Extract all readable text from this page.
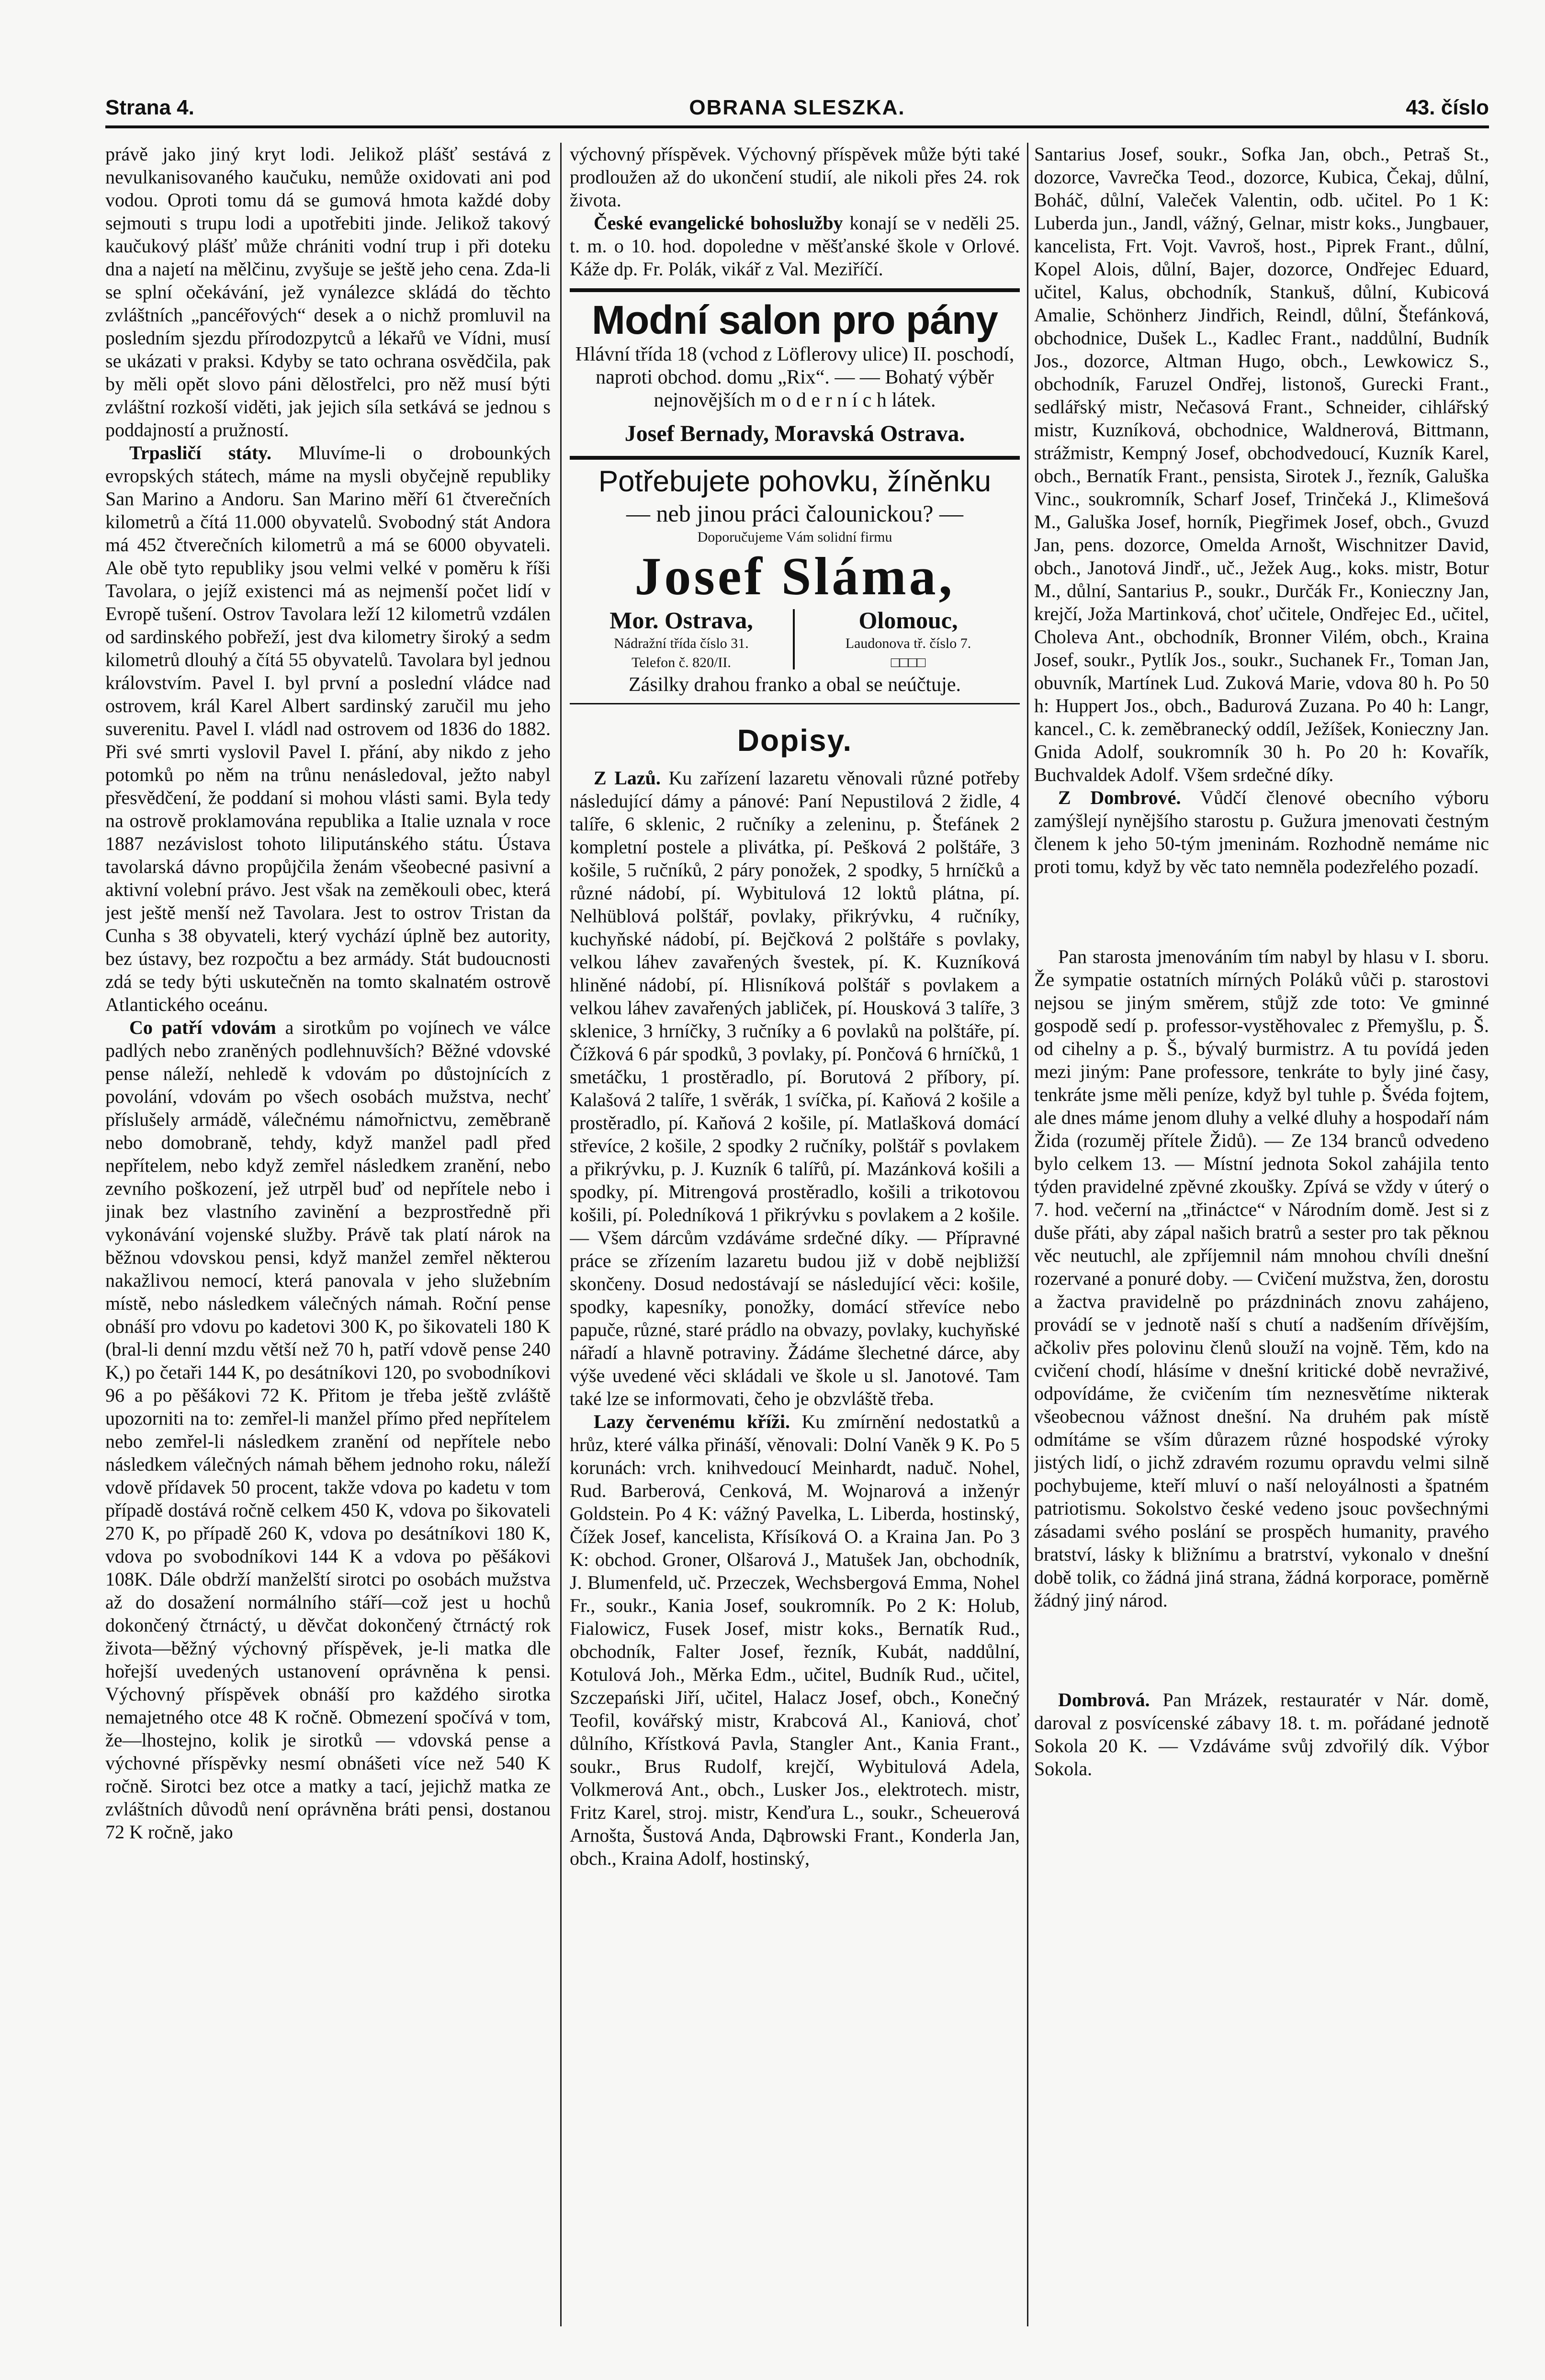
Strana 4.	OBRANA SLESZKA.	43. číslo

právě jako jiný kryt lodi. Jelikož plášť sestává z nevulkanisovaného kaučuku, nemůže oxidovati ani pod vodou. Oproti tomu dá se gumová hmota každé doby sejmouti s trupu lodi a upotřebiti jinde. Jelikož takový kaučukový plášť může chrániti vodní trup i při doteku dna a najetí na mělčinu, zvyšuje se ještě jeho cena. Zda-li se splní očekávání, jež vynálezce skládá do těchto zvláštních „pancéřových“ desek a o nichž promluvil na posledním sjezdu přírodozpytců a lékařů ve Vídni, musí se ukázati v praksi. Kdyby se tato ochrana osvědčila, pak by měli opět slovo páni dělostřelci, pro něž musí býti zvláštní rozkoší viděti, jak jejich síla setkává se jednou s poddajností a pružností.

Trpasličí státy. Mluvíme-li o drobounkých evropských státech, máme na mysli obyčejně republiky San Marino a Andoru. San Marino měří 61 čtverečních kilometrů a čítá 11.000 obyvatelů. Svobodný stát Andora má 452 čtverečních kilometrů a má se 6000 obyvateli. Ale obě tyto republiky jsou velmi velké v poměru k říši Tavolara, o jejíž existenci má as nejmenší počet lidí v Evropě tušení. Ostrov Tavolara leží 12 kilometrů vzdálen od sardinského pobřeží, jest dva kilometry široký a sedm kilometrů dlouhý a čítá 55 obyvatelů. Tavolara byl jednou královstvím. Pavel I. byl první a poslední vládce nad ostrovem, král Karel Albert sardinský zaručil mu jeho suverenitu. Pavel I. vládl nad ostrovem od 1836 do 1882. Při své smrti vyslovil Pavel I. přání, aby nikdo z jeho potomků po něm na trůnu nenásledoval, ježto nabyl přesvědčení, že poddaní si mohou vlásti sami. Byla tedy na ostrově proklamována republika a Italie uznala v roce 1887 nezávislost tohoto liliputánského státu. Ústava tavolarská dávno propůjčila ženám všeobecné pasivní a aktivní volební právo. Jest však na zeměkouli obec, která jest ještě menší než Tavolara. Jest to ostrov Tristan da Cunha s 38 obyvateli, který vychází úplně bez autority, bez ústavy, bez rozpočtu a bez armády. Stát budoucnosti zdá se tedy býti uskutečněn na tomto skalnatém ostrově Atlantického oceánu.

Co patří vdovám a sirotkům po vojínech ve válce padlých nebo zraněných podlehnuvších? Běžné vdovské pense náleží, nehledě k vdovám po důstojnících z povolání, vdovám po všech osobách mužstva, nechť příslušely armádě, válečnému námořnictvu, zeměbraně nebo domobraně, tehdy, když manžel padl před nepřítelem, nebo když zemřel následkem zranění, nebo zevního poškození, jež utrpěl buď od nepřítele nebo i jinak bez vlastního zavinění a bezprostředně při vykonávání vojenské služby. Právě tak platí nárok na běžnou vdovskou pensi, když manžel zemřel některou nakažlivou nemocí, která panovala v jeho služebním místě, nebo následkem válečných námah. Roční pense obnáší pro vdovu po kadetovi 300 K, po šikovateli 180 K (bral-li denní mzdu větší než 70 h, patří vdově pense 240 K,) po četaři 144 K, po desátníkovi 120, po svobodníkovi 96 a po pěšákovi 72 K. Přitom je třeba ještě zvláště upozorniti na to: zemřel-li manžel přímo před nepřítelem nebo zemřel-li následkem zranění od nepřítele nebo následkem válečných námah během jednoho roku, náleží vdově přídavek 50 procent, takže vdova po kadetu v tom případě dostává ročně celkem 450 K, vdova po šikovateli 270 K, po případě 260 K, vdova po desátníkovi 180 K, vdova po svobodníkovi 144 K a vdova po pěšákovi 108K. Dále obdrží manželští sirotci po osobách mužstva až do dosažení normálního stáří—což jest u hochů dokončený čtrnáctý, u děvčat dokončený čtrnáctý rok života—běžný výchovný příspěvek, je-li matka dle hořejší uvedených ustanovení oprávněna k pensi. Výchovný příspěvek obnáší pro každého sirotka nemajetného otce 48 K ročně. Obmezení spočívá v tom, že—lhostejno, kolik je sirotků — vdovská pense a výchovné příspěvky nesmí obnášeti více než 540 K ročně. Sirotci bez otce a matky a tací, jejichž matka ze zvláštních důvodů není oprávněna bráti pensi, dostanou 72 K ročně, jako

výchovný příspěvek. Výchovný příspěvek může býti také prodloužen až do ukončení studií, ale nikoli přes 24. rok života.

České evangelické bohoslužby konají se v neděli 25. t. m. o 10. hod. dopoledne v měšťanské škole v Orlové. Káže dp. Fr. Polák, vikář z Val. Meziříčí.

Modní salon pro pány
Hlávní třída 18 (vchod z Löflerovy ulice) II. poschodí, naproti obchod. domu „Rix“. — — Bohatý výběr nejnovějších m o d e r n í c h látek.
Josef Bernady, Moravská Ostrava.
Potřebujete pohovku, žíněnku
— neb jinou práci čalounickou? —
Doporučujeme Vám solidní firmu
Josef Sláma,
Mor. Ostrava,
Nádražní třída číslo 31.
Telefon č. 820/II.
Olomouc,
Laudonova tř. číslo 7.
□□□□
Zásilky drahou franko a obal se neúčtuje.
Dopisy.

Z Lazů. Ku zařízení lazaretu věnovali různé potřeby následující dámy a pánové: Paní Nepustilová 2 židle, 4 talíře, 6 sklenic, 2 ručníky a zeleninu, p. Štefánek 2 kompletní postele a plivátka, pí. Pešková 2 polštáře, 3 košile, 5 ručníků, 2 páry ponožek, 2 spodky, 5 hrníčků a různé nádobí, pí. Wybitulová 12 loktů plátna, pí. Nelhüblová polštář, povlaky, přikrývku, 4 ručníky, kuchyňské nádobí, pí. Bejčková 2 polštáře s povlaky, velkou láhev zavařených švestek, pí. K. Kuzníková hliněné nádobí, pí. Hlisníková polštář s povlakem a velkou láhev zavařených jabliček, pí. Housková 3 talíře, 3 sklenice, 3 hrníčky, 3 ručníky a 6 povlaků na polštáře, pí. Čížková 6 pár spodků, 3 povlaky, pí. Pončová 6 hrníčků, 1 smetáčku, 1 prostěradlo, pí. Borutová 2 příbory, pí. Kalašová 2 talíře, 1 svěrák, 1 svíčka, pí. Kaňová 2 košile a prostěradlo, pí. Kaňová 2 košile, pí. Matlašková domácí střevíce, 2 košile, 2 spodky 2 ručníky, polštář s povlakem a přikrývku, p. J. Kuzník 6 talířů, pí. Mazánková košili a spodky, pí. Mitrengová prostěradlo, košili a trikotovou košili, pí. Poledníková 1 přikrývku s povlakem a 2 košile. — Všem dárcům vzdáváme srdečné díky. — Přípravné práce se zřízením lazaretu budou již v době nejbližší skončeny. Dosud nedostávají se následující věci: košile, spodky, kapesníky, ponožky, domácí střevíce nebo papuče, různé, staré prádlo na obvazy, povlaky, kuchyňské nářadí a hlavně potraviny. Žádáme šlechetné dárce, aby výše uvedené věci skládali ve škole u sl. Janotové. Tam také lze se informovati, čeho je obzvláště třeba.

Lazy červenému kříži. Ku zmírnění nedostatků a hrůz, které válka přináší, věnovali: Dolní Vaněk 9 K. Po 5 korunách: vrch. knihvedoucí Meinhardt, naduč. Nohel, Rud. Barberová, Cenková, M. Wojnarová a inženýr Goldstein. Po 4 K: vážný Pavelka, L. Liberda, hostinský, Čížek Josef, kancelista, Křísíková O. a Kraina Jan. Po 3 K: obchod. Groner, Olšarová J., Matušek Jan, obchodník, J. Blumenfeld, uč. Przeczek, Wechsbergová Emma, Nohel Fr., soukr., Kania Josef, soukromník. Po 2 K: Holub, Fialowicz, Fusek Josef, mistr koks., Bernatík Rud., obchodník, Falter Josef, řezník, Kubát, naddůlní, Kotulová Joh., Měrka Edm., učitel, Budník Rud., učitel, Szczepański Jiří, učitel, Halacz Josef, obch., Konečný Teofil, kovářský mistr, Krabcová Al., Kaniová, choť důlního, Křístková Pavla, Stangler Ant., Kania Frant., soukr., Brus Rudolf, krejčí, Wybitulová Adela, Volkmerová Ant., obch., Lusker Jos., elektrotech. mistr, Fritz Karel, stroj. mistr, Kenďura L., soukr., Scheuerová Arnošta, Šustová Anda, Dąbrowski Frant., Konderla Jan, obch., Kraina Adolf, hostinský,

Santarius Josef, soukr., Sofka Jan, obch., Petraš St., dozorce, Vavrečka Teod., dozorce, Kubica, Čekaj, důlní, Boháč, důlní, Valeček Valentin, odb. učitel. Po 1 K: Luberda jun., Jandl, vážný, Gelnar, mistr koks., Jungbauer, kancelista, Frt. Vojt. Vavroš, host., Piprek Frant., důlní, Kopel Alois, důlní, Bajer, dozorce, Ondřejec Eduard, učitel, Kalus, obchodník, Stankuš, důlní, Kubicová Amalie, Schönherz Jindřich, Reindl, důlní, Štefánková, obchodnice, Dušek L., Kadlec Frant., naddůlní, Budník Jos., dozorce, Altman Hugo, obch., Lewkowicz S., obchodník, Faruzel Ondřej, listonoš, Gurecki Frant., sedlářský mistr, Nečasová Frant., Schneider, cihlářský mistr, Kuzníková, obchodnice, Waldnerová, Bittmann, strážmistr, Kempný Josef, obchodvedoucí, Kuzník Karel, obch., Bernatík Frant., pensista, Sirotek J., řezník, Galuška Vinc., soukromník, Scharf Josef, Trinčeká J., Klimešová M., Galuška Josef, horník, Piegřimek Josef, obch., Gvuzd Jan, pens. dozorce, Omelda Arnošt, Wischnitzer David, obch., Janotová Jindř., uč., Ježek Aug., koks. mistr, Botur M., důlní, Santarius P., soukr., Durčák Fr., Konieczny Jan, krejčí, Joža Martinková, choť učitele, Ondřejec Ed., učitel, Choleva Ant., obchodník, Bronner Vilém, obch., Kraina Josef, soukr., Pytlík Jos., soukr., Suchanek Fr., Toman Jan, obuvník, Martínek Lud. Zuková Marie, vdova 80 h. Po 50 h: Huppert Jos., obch., Badurová Zuzana. Po 40 h: Langr, kancel., C. k. zeměbranecký oddíl, Ježíšek, Konieczny Jan. Gnida Adolf, soukromník 30 h. Po 20 h: Kovařík, Buchvaldek Adolf. Všem srdečné díky.

Z Dombrové. Vůdčí členové obecního výboru zamýšlejí nynějšího starostu p. Gužura jmenovati čestným členem k jeho 50-tým jmeninám. Rozhodně nemáme nic proti tomu, když by věc tato nemněla podezřelého pozadí.

Pan starosta jmenováním tím nabyl by hlasu v I. sboru. Že sympatie ostatních mírných Poláků vůči p. starostovi nejsou se jiným směrem, stůjž zde toto: Ve gminné gospodě sedí p. professor-vystěhovalec z Přemyšlu, p. Š. od cihelny a p. Š., bývalý burmistrz. A tu povídá jeden mezi jiným: Pane professore, tenkráte to byly jiné časy, tenkráte jsme měli peníze, když byl tuhle p. Švéda fojtem, ale dnes máme jenom dluhy a velké dluhy a hospodaří nám Žida (rozuměj přítele Židů). — Ze 134 branců odvedeno bylo celkem 13. — Místní jednota Sokol zahájila tento týden pravidelné zpěvné zkoušky. Zpívá se vždy v úterý o 7. hod. večerní na „třináctce“ v Národním domě. Jest si z duše přáti, aby zápal našich bratrů a sester pro tak pěknou věc neutuchl, ale zpříjemnil nám mnohou chvíli dnešní rozervané a ponuré doby. — Cvičení mužstva, žen, dorostu a žactva pravidelně po prázdninách znovu zahájeno, provádí se v jednotě naší s chutí a nadšením dřívějším, ačkoliv přes polovinu členů slouží na vojně. Těm, kdo na cvičení chodí, hlásíme v dnešní kritické době nevraživé, odpovídáme, že cvičením tím neznesvětíme nikterak všeobecnou vážnost dnešní. Na druhém pak místě odmítáme se vším důrazem různé hospodské výroky jistých lidí, o jichž zdravém rozumu opravdu velmi silně pochybujeme, kteří mluví o naší neloyálnosti a špatném patriotismu. Sokolstvo české vedeno jsouc povšechnými zásadami svého poslání se prospěch humanity, pravého bratství, lásky k bližnímu a bratrství, vykonalo v dnešní době tolik, co žádná jiná strana, žádná korporace, poměrně žádný jiný národ.

Dombrová. Pan Mrázek, restauratér v Nár. domě, daroval z posvícenské zábavy 18. t. m. pořádané jednotě Sokola 20 K. — Vzdáváme svůj zdvořilý dík. Výbor Sokola.
